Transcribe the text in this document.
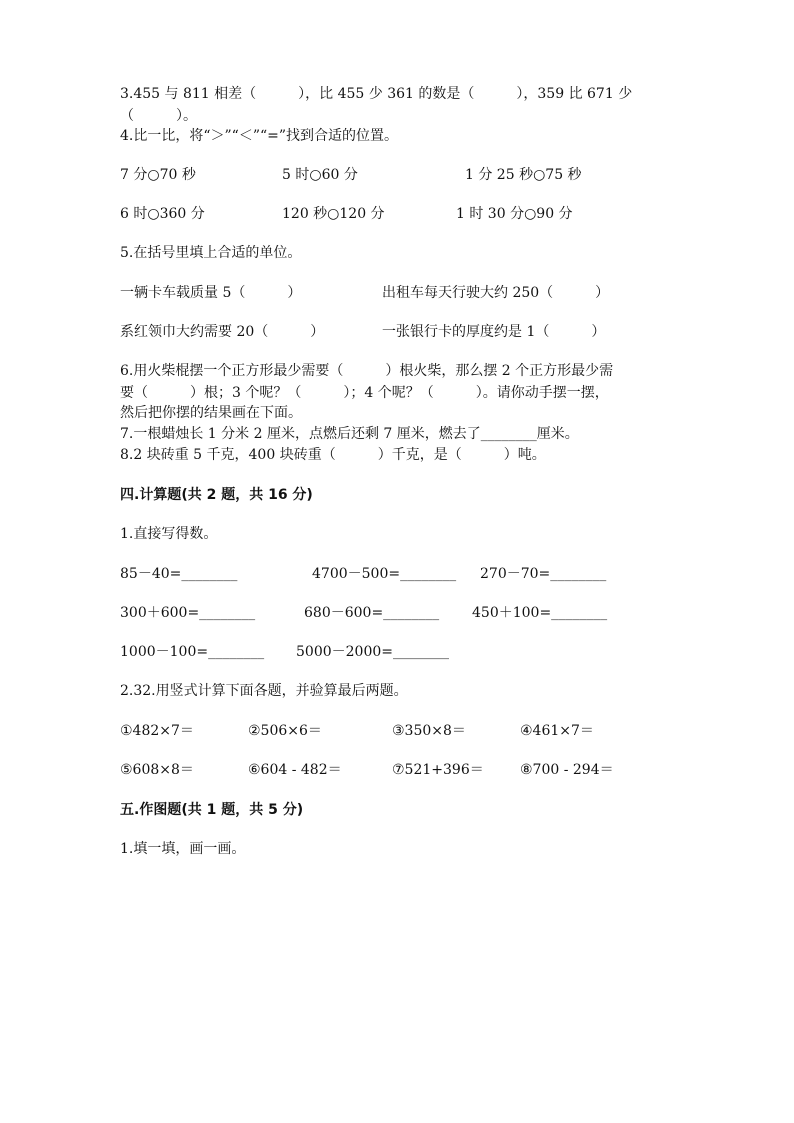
3.455 与 811 相差（　　　），比 455 少 361 的数是（　　　），359 比 671 少
（　　　）。
4.比一比，将“＞”“＜”“=”找到合适的位置。
7 分○70 秒	5 时○60 分	1 分 25 秒○75 秒
6 时○360 分	120 秒○120 分	1 时 30 分○90 分
5.在括号里填上合适的单位。
一辆卡车载质量 5（　　　）	出租车每天行驶大约 250（　　　）
系红领巾大约需要 20（　　　）	一张银行卡的厚度约是 1（　　　）
6.用火柴棍摆一个正方形最少需要（　　　）根火柴，那么摆 2 个正方形最少需
要（　　　）根；3 个呢？（　　　）；4 个呢？（　　　）。请你动手摆一摆，
然后把你摆的结果画在下面。
7.一根蜡烛长 1 分米 2 厘米，点燃后还剩 7 厘米，燃去了________厘米。
8.2 块砖重 5 千克，400 块砖重（　　　）千克，是（　　　）吨。
四.计算题(共 2 题，共 16 分)
1.直接写得数。
85－40=________	4700－500=________ 270－70=________
300＋600=________	680－600=________ 450＋100=________
1000－100=________ 5000－2000=________
2.32.用竖式计算下面各题，并验算最后两题。
①482×7＝	②506×6＝	③350×8＝	④461×7＝
⑤608×8＝	⑥604 - 482＝	⑦521+396＝	⑧700 - 294＝
五.作图题(共 1 题，共 5 分)
1.填一填，画一画。
